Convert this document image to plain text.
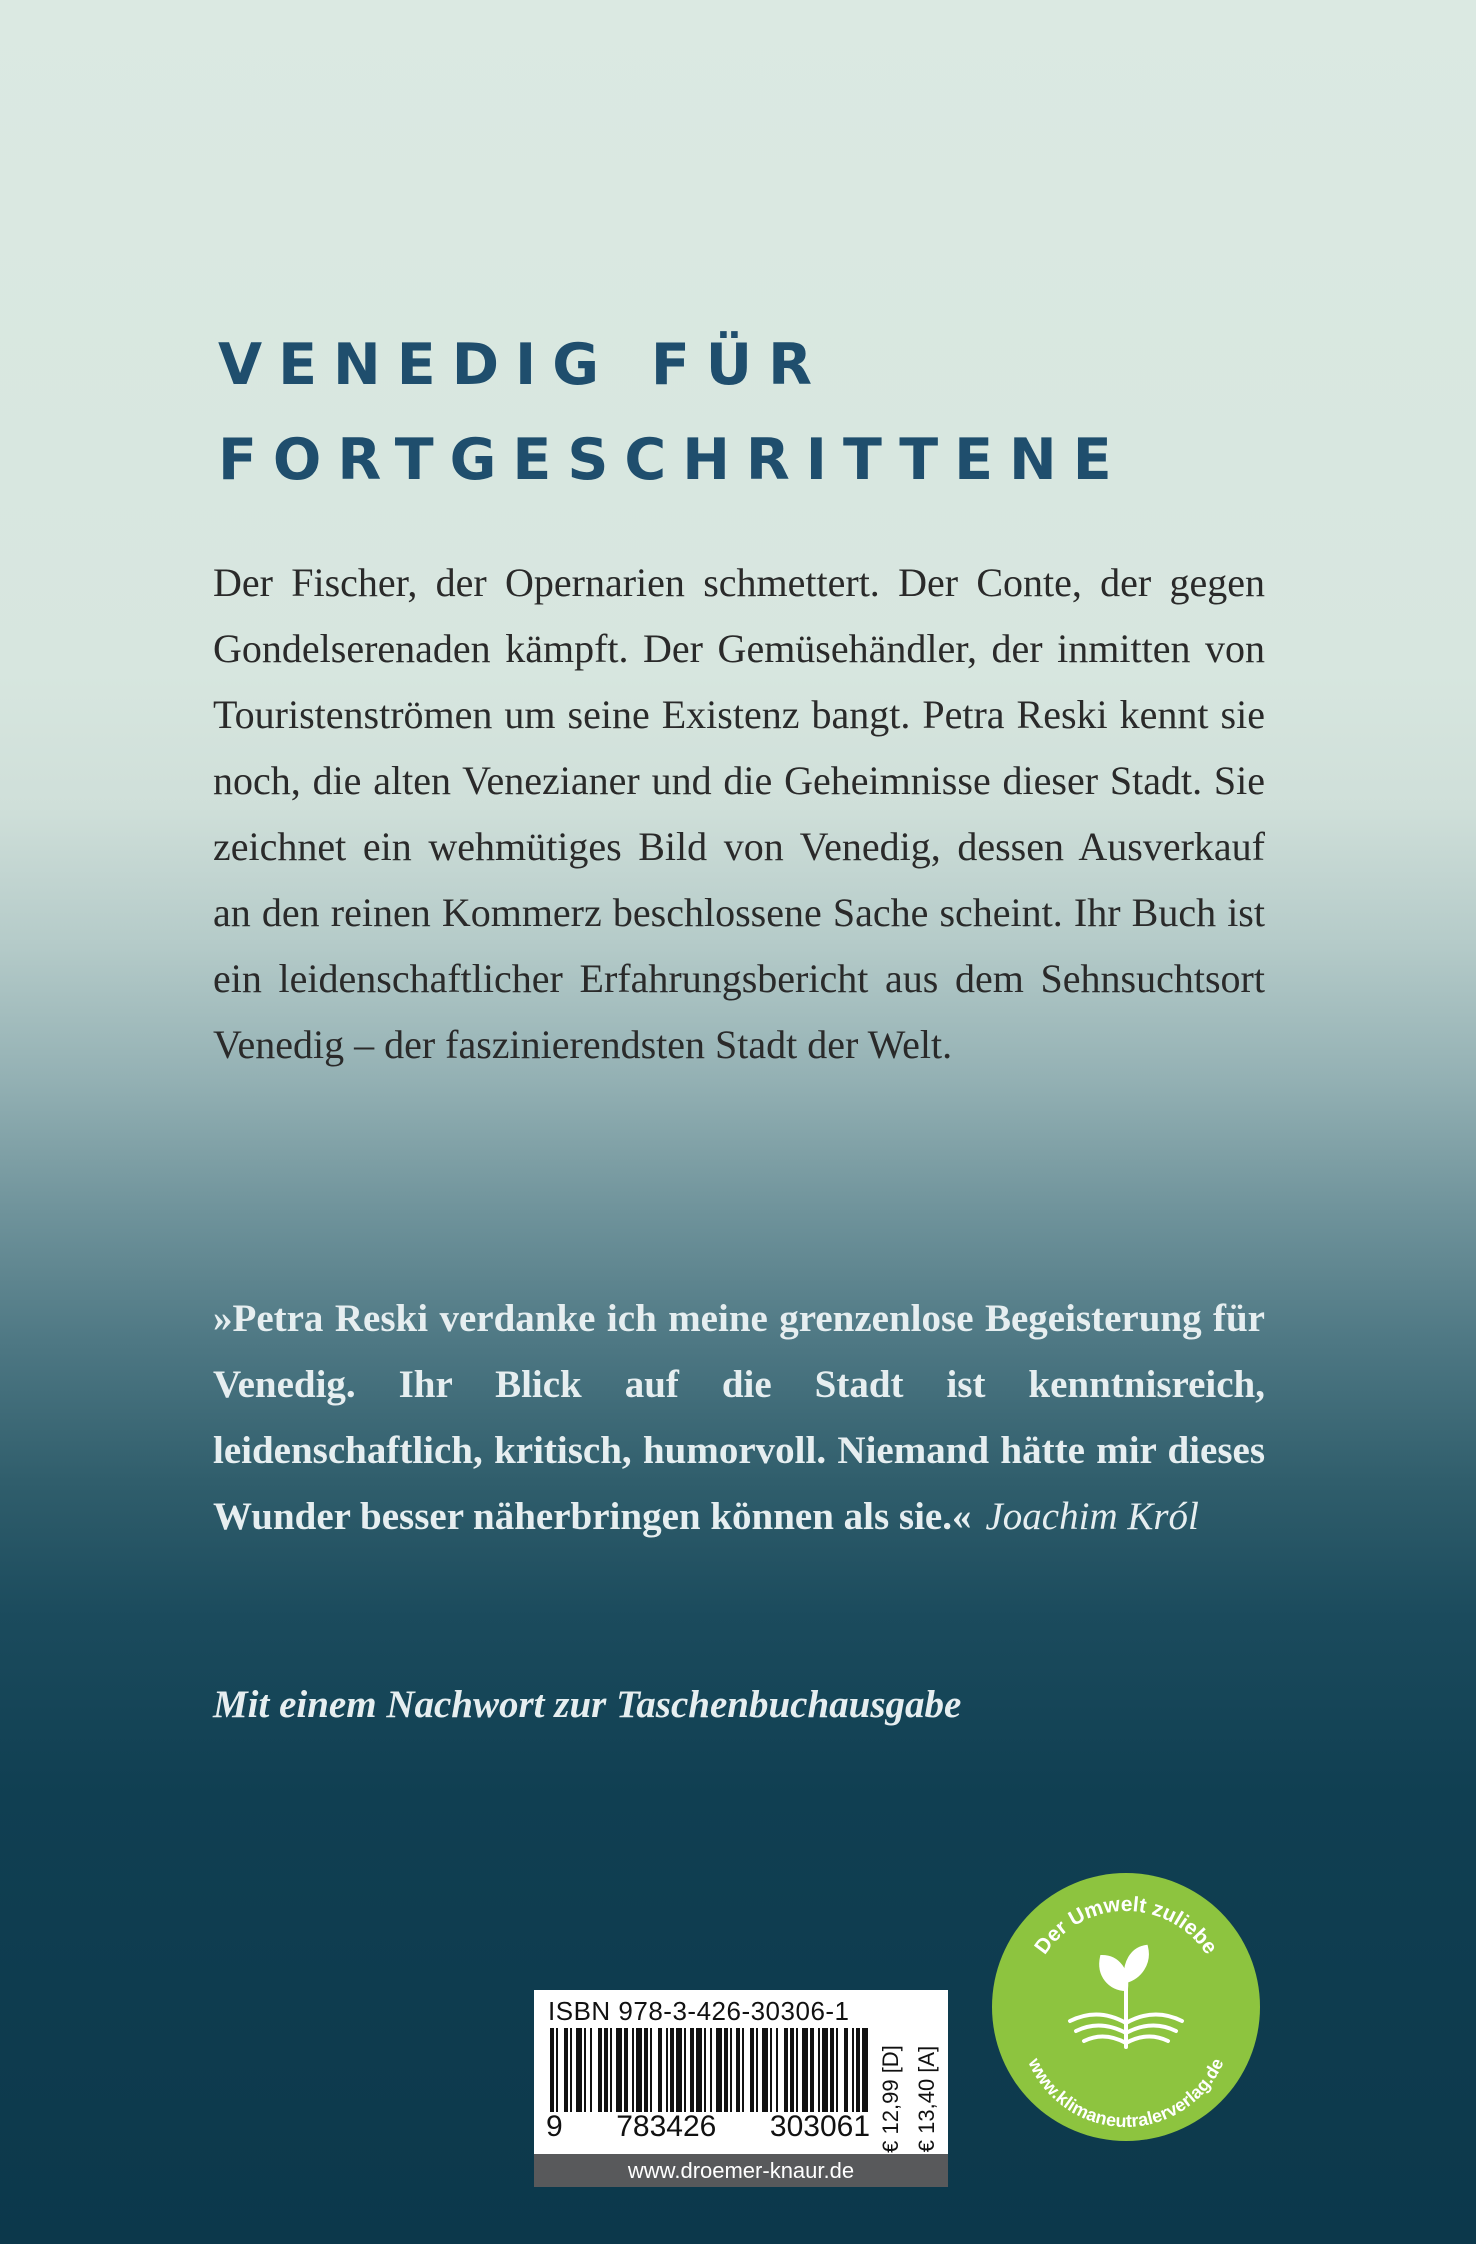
VENEDIG FÜR
FORTGESCHRITTENE

Der Fischer, der Opernarien schmettert. Der Conte, der gegen Gondelserenaden kämpft. Der Gemüsehändler, der inmitten von Touristenströmen um seine Existenz bangt. Petra Reski kennt sie noch, die alten Venezianer und die Geheimnisse dieser Stadt. Sie zeichnet ein wehmütiges Bild von Venedig, dessen Ausverkauf an den reinen Kommerz beschlossene Sache scheint. Ihr Buch ist ein leidenschaftlicher Erfahrungsbericht aus dem Sehnsuchtsort Venedig – der faszinierendsten Stadt der Welt.

»Petra Reski verdanke ich meine grenzenlose Begeisterung für Venedig. Ihr Blick auf die Stadt ist kenntnisreich, leidenschaftlich, kritisch, humorvoll. Niemand hätte mir dieses Wunder besser näherbringen können als sie.« Joachim Król

Mit einem Nachwort zur Taschenbuchausgabe

ISBN 978-3-426-30306-1

9 783426 303061 € 12,99 [D] € 13,40 [A]

www.droemer-knaur.de

Der Umwelt zuliebe
www.klimaneutralerverlag.de
